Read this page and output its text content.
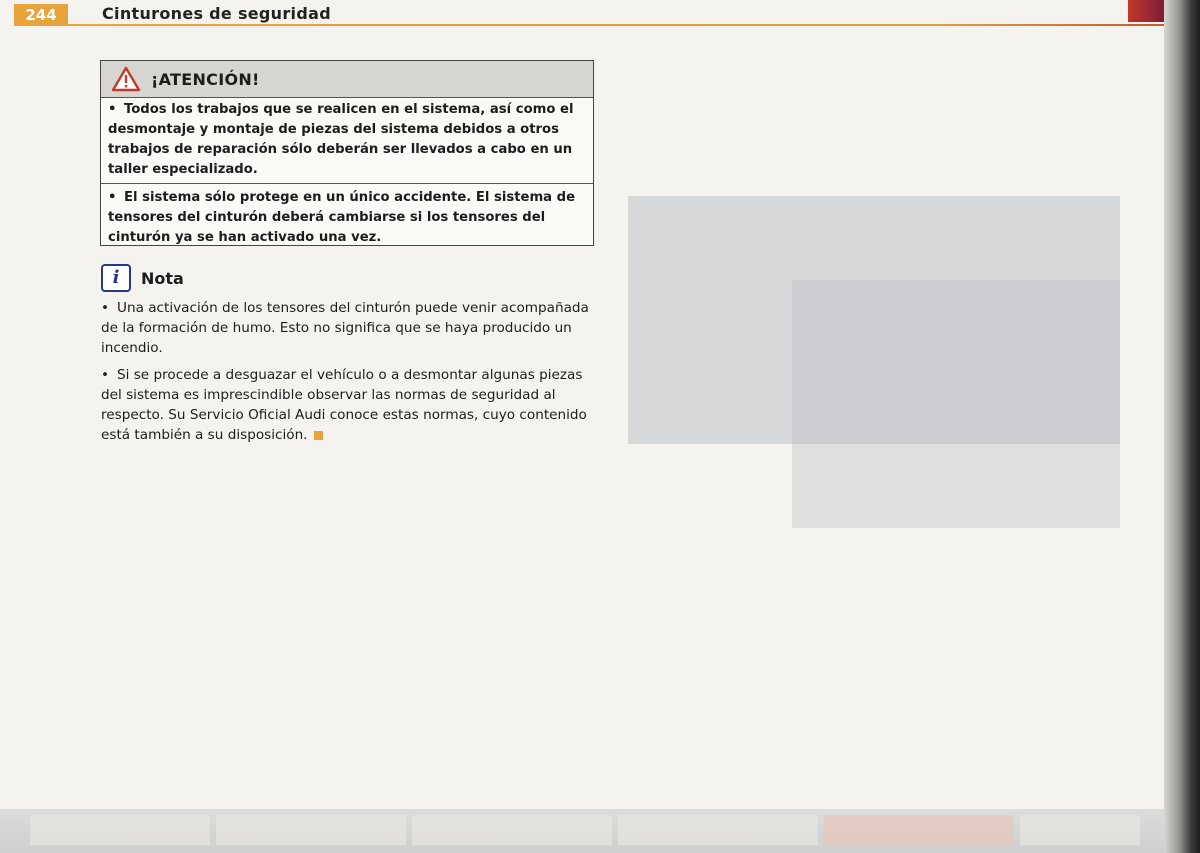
244	Cinturones de seguridad
¡ATENCIÓN!
• Todos los trabajos que se realicen en el sistema, así como el desmontaje y montaje de piezas del sistema debidos a otros trabajos de reparación sólo deberán ser llevados a cabo en un taller especializado.
• El sistema sólo protege en un único accidente. El sistema de tensores del cinturón deberá cambiarse si los tensores del cinturón ya se han activado una vez.
i	Nota
• Una activación de los tensores del cinturón puede venir acompañada de la formación de humo. Esto no significa que se haya producido un incendio.
• Si se procede a desguazar el vehículo o a desmontar algunas piezas del sistema es imprescindible observar las normas de seguridad al respecto. Su Servicio Oficial Audi conoce estas normas, cuyo contenido está también a su disposición.
